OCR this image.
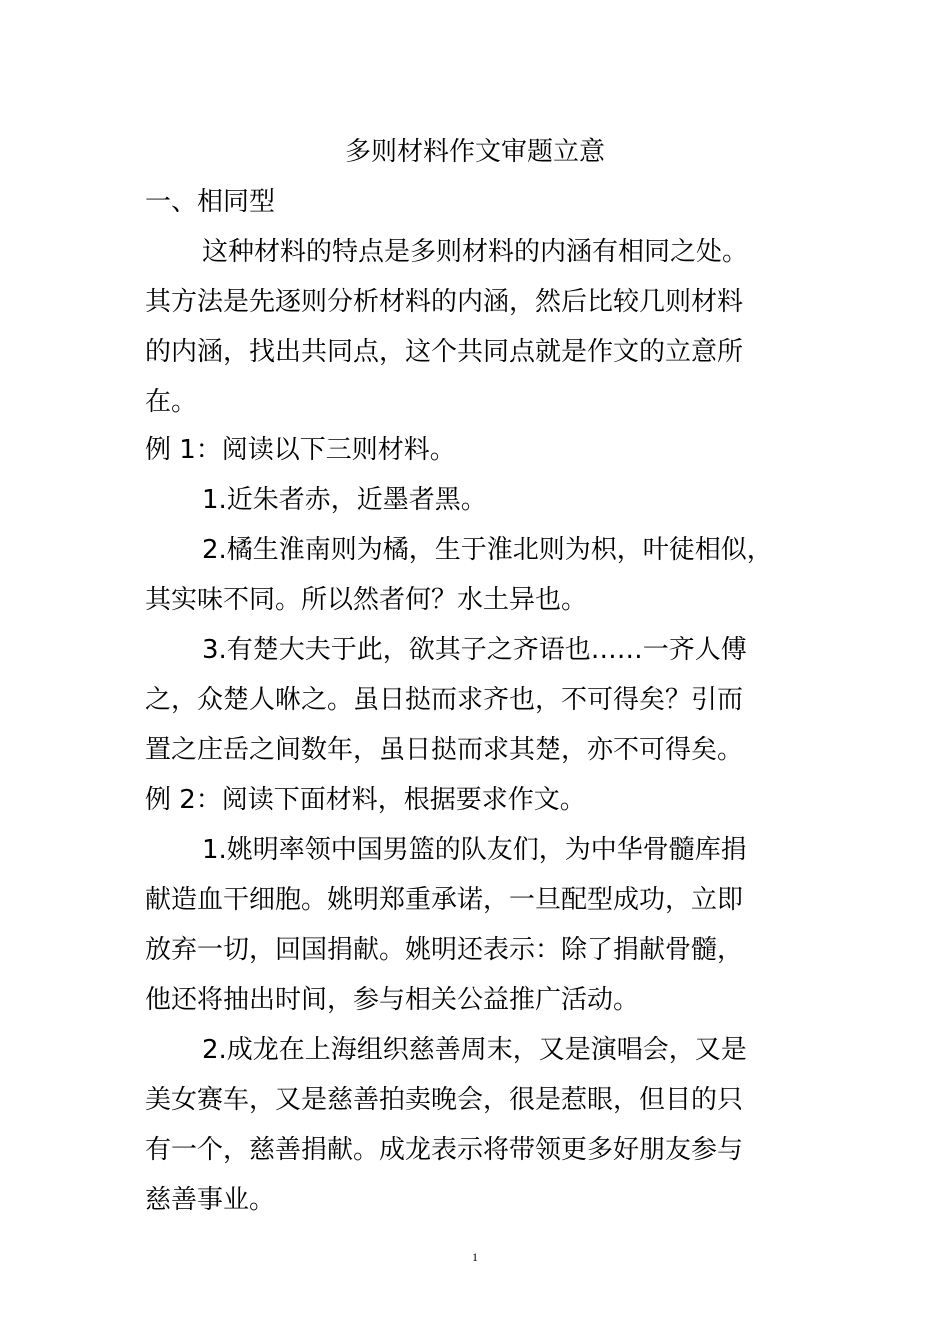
多则材料作文审题立意
一、相同型
这种材料的特点是多则材料的内涵有相同之处。
其方法是先逐则分析材料的内涵，然后比较几则材料
的内涵，找出共同点，这个共同点就是作文的立意所
在。
例 1：阅读以下三则材料。
1.近朱者赤，近墨者黑。
2.橘生淮南则为橘，生于淮北则为枳，叶徒相似，
其实味不同。所以然者何？水土异也。
3.有楚大夫于此，欲其子之齐语也……一齐人傅
之，众楚人咻之。虽日挞而求齐也，不可得矣？引而
置之庄岳之间数年，虽日挞而求其楚，亦不可得矣。
例 2：阅读下面材料，根据要求作文。
1.姚明率领中国男篮的队友们，为中华骨髓库捐
献造血干细胞。姚明郑重承诺，一旦配型成功，立即
放弃一切，回国捐献。姚明还表示：除了捐献骨髓，
他还将抽出时间，参与相关公益推广活动。
2.成龙在上海组织慈善周末，又是演唱会，又是
美女赛车，又是慈善拍卖晚会，很是惹眼，但目的只
有一个，慈善捐献。成龙表示将带领更多好朋友参与
慈善事业。
1
